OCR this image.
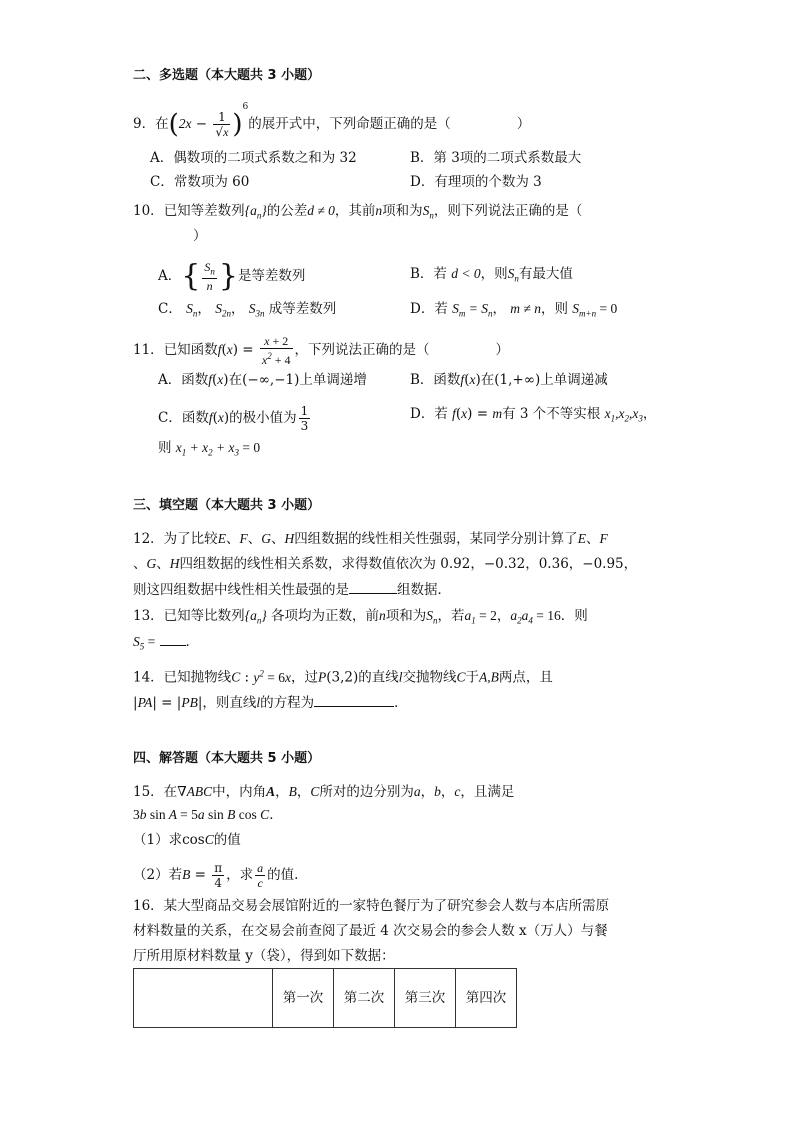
二、多选题（本大题共 3 小题）
9．在$(2x - \frac{1}{√x} )^6$的展开式中，下列命题正确的是（	）
A．偶数项的二项式系数之和为 32	B．第 3项的二项式系数最大
C．常数项为 60	D．有理项的个数为 3
10．已知等差数列$\{a_n\}$的公差d ≠ 0，其前n项和为$S_n$，则下列说法正确的是（
）
A．{ $\frac{S_n}{n}$ }是等差数列	B．若 d < 0，则$S_n$有最大值
C． $S_n$， $S_{2n}$， $S_{3n}$ 成等差数列	D．若 $S_m = S_n$， m ≠ n，则 $S_{m+n} = 0$
11．已知函数$f(x) = \frac{x + 2}{x^2 + 4}$ ，下列说法正确的是（	）
A．函数f(x)在(−∞,−1)上单调递增	B．函数f(x)在(1,+∞)上单调递减
C．函数f(x)的极小值为 $\frac{1}{3}$	D．若 f(x) = m有 3 个不等实根 $x_1,x_2,x_3$，
则 $x_1 + x_2 + x_3 = 0$
三、填空题（本大题共 3 小题）
12．为了比较E、F、G、H四组数据的线性相关性强弱，某同学分别计算了E、F
、G、H四组数据的线性相关系数，求得数值依次为 0.92，−0.32，0.36，−0.95，
则这四组数据中线性相关性最强的是	组数据．
13．已知等比数列$\{a_n\}$ 各项均为正数，前n项和为$S_n$，若$a_1 = 2$，$a_2a_4 = 16$．则
$S_5$ = ．
14．已知抛物线C : $y^2 = 6x$，过P(3,2)的直线l交抛物线C于A,B两点，且
|PA| = |PB|，则直线l的方程为	．
四、解答题（本大题共 5 小题）
15．在∇ABC中，内角A，B，C所对的边分别为a，b，c，且满足
3b sin A = 5a sin B cos C．
（1）求cosC的值
（2）若$B = \frac{\pi}{4}$ ，求 $\frac{a}{c}$ 的值.
16．某大型商品交易会展馆附近的一家特色餐厅为了研究参会人数与本店所需原
材料数量的关系，在交易会前查阅了最近 4 次交易会的参会人数 x（万人）与餐
厅所用原材料数量 y（袋），得到如下数据：
	第一次	第二次	第三次	第四次
